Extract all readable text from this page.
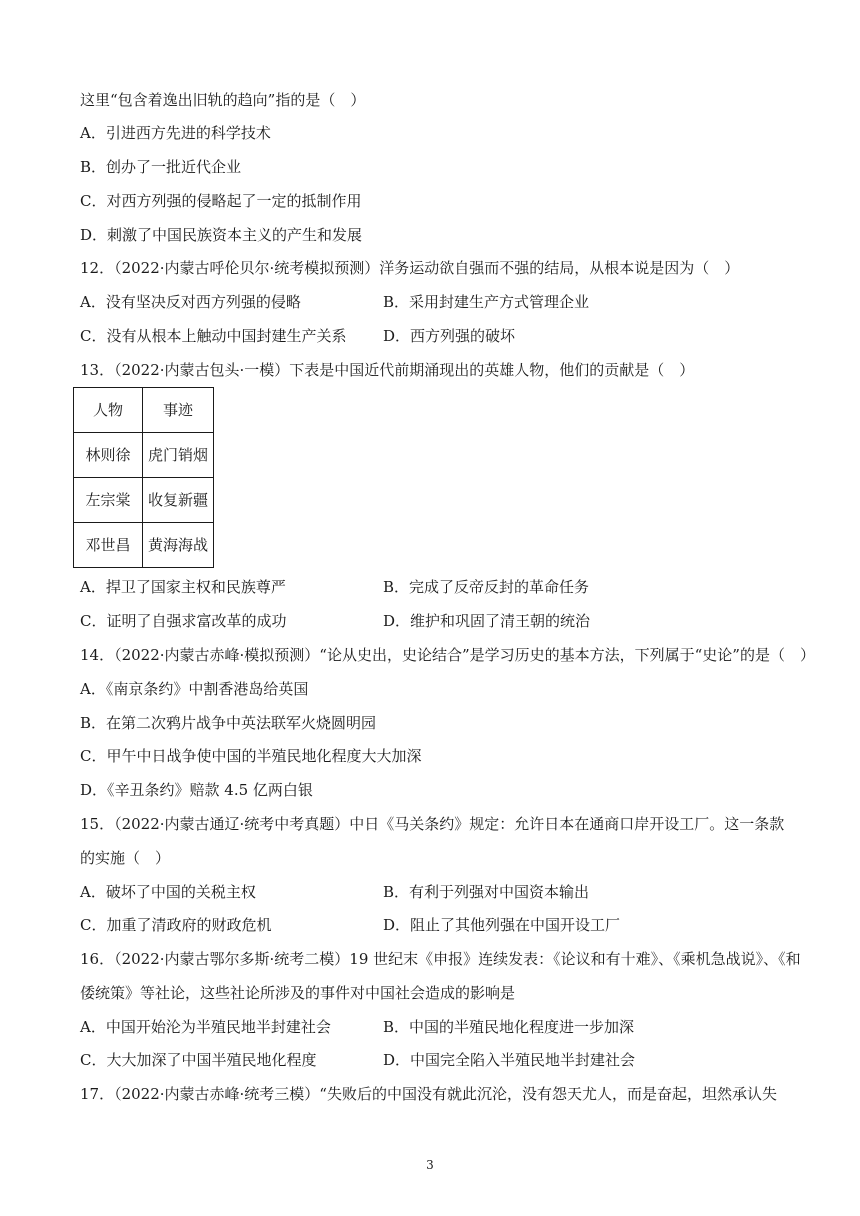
这里“包含着逸出旧轨的趋向”指的是（　）
A．引进西方先进的科学技术
B．创办了一批近代企业
C．对西方列强的侵略起了一定的抵制作用
D．刺激了中国民族资本主义的产生和发展
12．（2022·内蒙古呼伦贝尔·统考模拟预测）洋务运动欲自强而不强的结局，从根本说是因为（　）
A．没有坚决反对西方列强的侵略	B．采用封建生产方式管理企业
C．没有从根本上触动中国封建生产关系 D．西方列强的破坏
13．（2022·内蒙古包头·一模）下表是中国近代前期涌现出的英雄人物，他们的贡献是（　）
人物	事迹
林则徐	虎门销烟
左宗棠	收复新疆
邓世昌	黄海海战
A．捍卫了国家主权和民族尊严	B．完成了反帝反封的革命任务
C．证明了自强求富改革的成功	D．维护和巩固了清王朝的统治
14．（2022·内蒙古赤峰·模拟预测）“论从史出，史论结合”是学习历史的基本方法，下列属于“史论”的是（　）
A．《南京条约》中割香港岛给英国
B．在第二次鸦片战争中英法联军火烧圆明园
C．甲午中日战争使中国的半殖民地化程度大大加深
D．《辛丑条约》赔款 4.5 亿两白银
15．（2022·内蒙古通辽·统考中考真题）中日《马关条约》规定：允许日本在通商口岸开设工厂。这一条款
的实施（　）
A．破坏了中国的关税主权	B．有利于列强对中国资本输出
C．加重了清政府的财政危机	D．阻止了其他列强在中国开设工厂
16．（2022·内蒙古鄂尔多斯·统考二模）19 世纪末《申报》连续发表：《论议和有十难》、《乘机急战说》、《和
倭统策》等社论，这些社论所涉及的事件对中国社会造成的影响是
A．中国开始沦为半殖民地半封建社会	B．中国的半殖民地化程度进一步加深
C．大大加深了中国半殖民地化程度	D．中国完全陷入半殖民地半封建社会
17．（2022·内蒙古赤峰·统考三模）“失败后的中国没有就此沉沦，没有怨天尤人，而是奋起，坦然承认失
3
